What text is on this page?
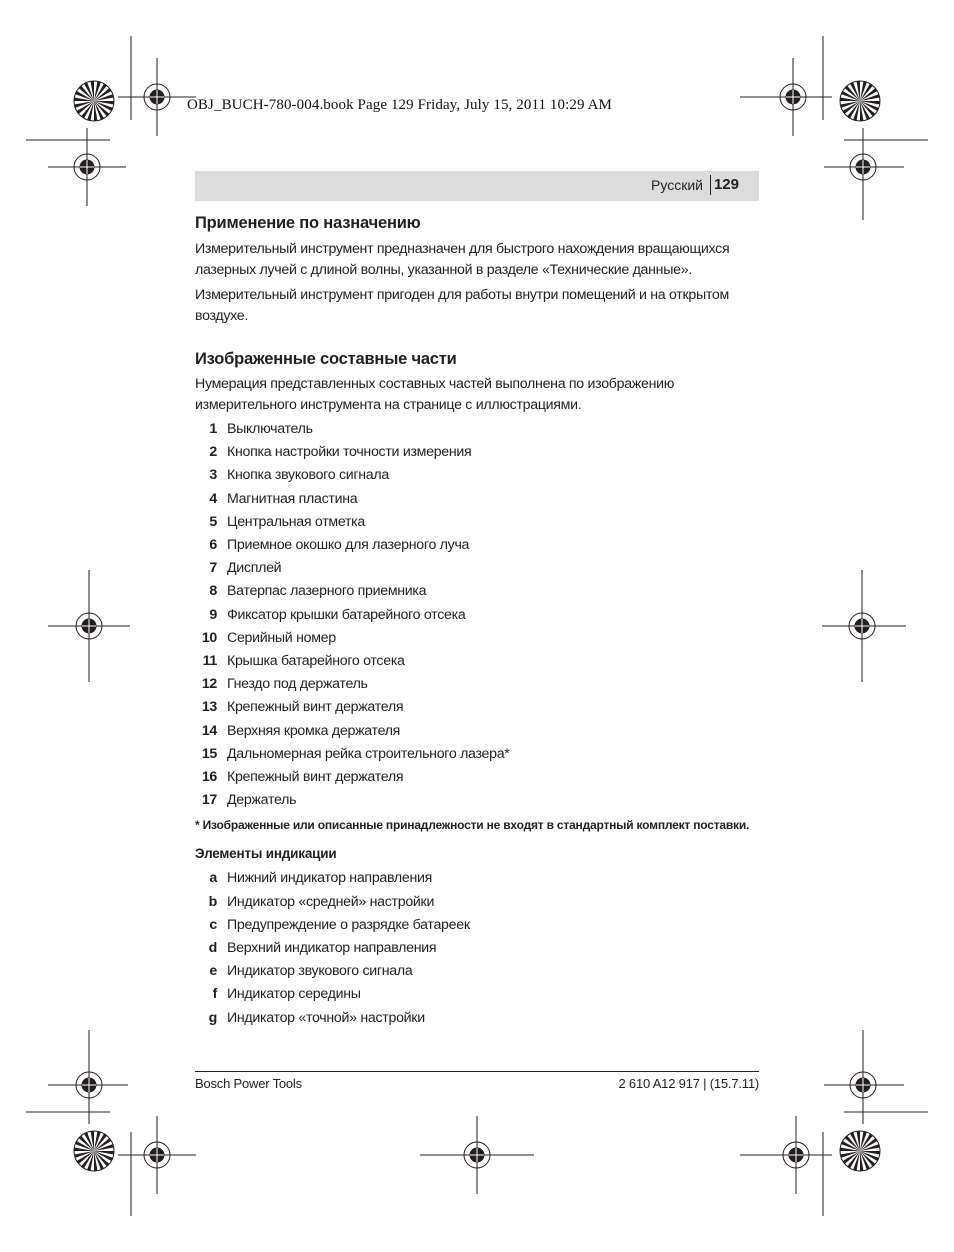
OBJ_BUCH-780-004.book Page 129 Friday, July 15, 2011 10:29 AM
Русский 129
Применение по назначению

Измерительный инструмент предназначен для быстрого нахождения вращающихся лазерных лучей с длиной волны, указанной в разделе «Технические данные».

Измерительный инструмент пригоден для работы внутри помещений и на открытом воздухе.

Изображенные составные части

Нумерация представленных составных частей выполнена по изображению измерительного инструмента на странице с иллюстрациями.

1 Выключатель
2 Кнопка настройки точности измерения
3 Кнопка звукового сигнала
4 Магнитная пластина
5 Центральная отметка
6 Приемное окошко для лазерного луча
7 Дисплей
8 Ватерпас лазерного приемника
9 Фиксатор крышки батарейного отсека
10 Серийный номер
11 Крышка батарейного отсека
12 Гнездо под держатель
13 Крепежный винт держателя
14 Верхняя кромка держателя
15 Дальномерная рейка строительного лазера*
16 Крепежный винт держателя
17 Держатель

* Изображенные или описанные принадлежности не входят в стандартный комплект поставки.

Элементы индикации
a Нижний индикатор направления
b Индикатор «средней» настройки
c Предупреждение о разрядке батареек
d Верхний индикатор направления
e Индикатор звукового сигнала
f Индикатор середины
g Индикатор «точной» настройки
Bosch Power Tools	2 610 A12 917 | (15.7.11)
